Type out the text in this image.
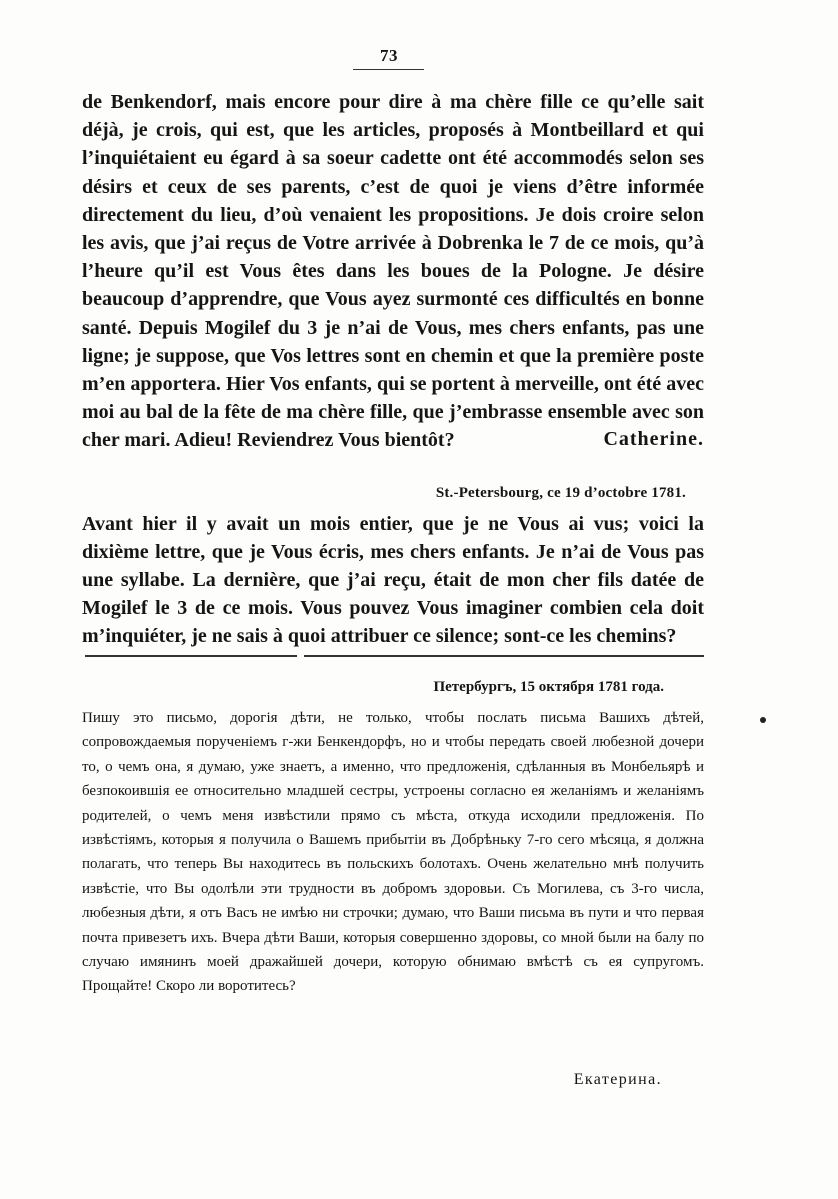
73

de Benkendorf, mais encore pour dire à ma chère fille ce qu’elle sait déjà, je crois, qui est, que les articles, proposés à Montbeillard et qui l’inquiétaient eu égard à sa soeur cadette ont été accommodés selon ses désirs et ceux de ses parents, c’est de quoi je viens d’être informée directement du lieu, d’où venaient les propositions. Je dois croire selon les avis, que j’ai reçus de Votre arrivée à Dobrenka le 7 de ce mois, qu’à l’heure qu’il est Vous êtes dans les boues de la Pologne. Je désire beaucoup d’apprendre, que Vous ayez surmonté ces difficultés en bonne santé. Depuis Mogilef du 3 je n’ai de Vous, mes chers enfants, pas une ligne; je suppose, que Vos lettres sont en chemin et que la première poste m’en apportera. Hier Vos enfants, qui se portent à merveille, ont été avec moi au bal de la fête de ma chère fille, que j’embrasse ensemble avec son cher mari. Adieu! Reviendrez Vous bientôt?	Catherine.

St.-Petersbourg, ce 19 d’octobre 1781.

Avant hier il y avait un mois entier, que je ne Vous ai vus; voici la dixième lettre, que je Vous écris, mes chers enfants. Je n’ai de Vous pas une syllabe. La dernière, que j’ai reçu, était de mon cher fils datée de Mogilef le 3 de ce mois. Vous pouvez Vous imaginer combien cela doit m’inquiéter, je ne sais à quoi attribuer ce silence; sont-ce les chemins?

Петербургъ, 15 октября 1781 года.

Пишу это письмо, дорогія дѣти, не только, чтобы послать письма Вашихъ дѣтей, сопровождаемыя порученіемъ г-жи Бенкендорфъ, но и чтобы передать своей любезной дочери то, о чемъ она, я думаю, уже знаетъ, а именно, что предложенія, сдѣланныя въ Монбельярѣ и безпокоившія ее относительно младшей сестры, устроены согласно ея желаніямъ и желаніямъ родителей, о чемъ меня извѣстили прямо съ мѣста, откуда исходили предложенія. По извѣстіямъ, которыя я получила о Вашемъ прибытіи въ Добрѣньку 7-го сего мѣсяца, я должна полагать, что теперь Вы находитесь въ польскихъ болотахъ. Очень желательно мнѣ получить извѣстіе, что Вы одолѣли эти трудности въ добромъ здоровьи. Съ Могилева, съ 3-го числа, любезныя дѣти, я отъ Васъ не имѣю ни строчки; думаю, что Ваши письма въ пути и что первая почта привезетъ ихъ. Вчера дѣти Ваши, которыя совершенно здоровы, со мной были на балу по случаю имянинъ моей дражайшей дочери, которую обнимаю вмѣстѣ съ ея супругомъ. Прощайте! Скоро ли воротитесь?

Екатерина.
